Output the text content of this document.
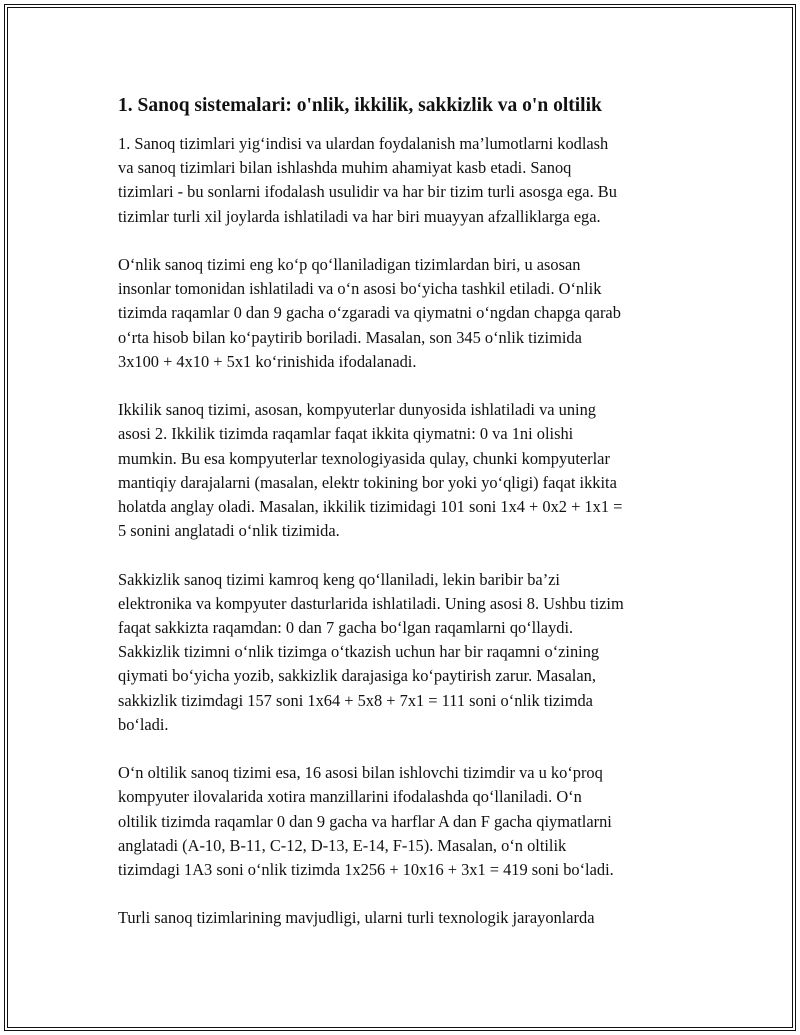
1. Sanoq sistemalari: o'nlik, ikkilik, sakkizlik va o'n oltilik
1. Sanoq tizimlari yig‘indisi va ulardan foydalanish ma’lumotlarni kodlash
va sanoq tizimlari bilan ishlashda muhim ahamiyat kasb etadi. Sanoq
tizimlari - bu sonlarni ifodalash usulidir va har bir tizim turli asosga ega. Bu
tizimlar turli xil joylarda ishlatiladi va har biri muayyan afzalliklarga ega.
O‘nlik sanoq tizimi eng ko‘p qo‘llaniladigan tizimlardan biri, u asosan
insonlar tomonidan ishlatiladi va o‘n asosi bo‘yicha tashkil etiladi. O‘nlik
tizimda raqamlar 0 dan 9 gacha o‘zgaradi va qiymatni o‘ngdan chapga qarab
o‘rta hisob bilan ko‘paytirib boriladi. Masalan, son 345 o‘nlik tizimida
3x100 + 4x10 + 5x1 ko‘rinishida ifodalanadi.
Ikkilik sanoq tizimi, asosan, kompyuterlar dunyosida ishlatiladi va uning
asosi 2. Ikkilik tizimda raqamlar faqat ikkita qiymatni: 0 va 1ni olishi
mumkin. Bu esa kompyuterlar texnologiyasida qulay, chunki kompyuterlar
mantiqiy darajalarni (masalan, elektr tokining bor yoki yo‘qligi) faqat ikkita
holatda anglay oladi. Masalan, ikkilik tizimidagi 101 soni 1x4 + 0x2 + 1x1 =
5 sonini anglatadi o‘nlik tizimida.
Sakkizlik sanoq tizimi kamroq keng qo‘llaniladi, lekin baribir ba’zi
elektronika va kompyuter dasturlarida ishlatiladi. Uning asosi 8. Ushbu tizim
faqat sakkizta raqamdan: 0 dan 7 gacha bo‘lgan raqamlarni qo‘llaydi.
Sakkizlik tizimni o‘nlik tizimga o‘tkazish uchun har bir raqamni o‘zining
qiymati bo‘yicha yozib, sakkizlik darajasiga ko‘paytirish zarur. Masalan,
sakkizlik tizimdagi 157 soni 1x64 + 5x8 + 7x1 = 111 soni o‘nlik tizimda
bo‘ladi.
O‘n oltilik sanoq tizimi esa, 16 asosi bilan ishlovchi tizimdir va u ko‘proq
kompyuter ilovalarida xotira manzillarini ifodalashda qo‘llaniladi. O‘n
oltilik tizimda raqamlar 0 dan 9 gacha va harflar A dan F gacha qiymatlarni
anglatadi (A-10, B-11, C-12, D-13, E-14, F-15). Masalan, o‘n oltilik
tizimdagi 1A3 soni o‘nlik tizimda 1x256 + 10x16 + 3x1 = 419 soni bo‘ladi.
Turli sanoq tizimlarining mavjudligi, ularni turli texnologik jarayonlarda
